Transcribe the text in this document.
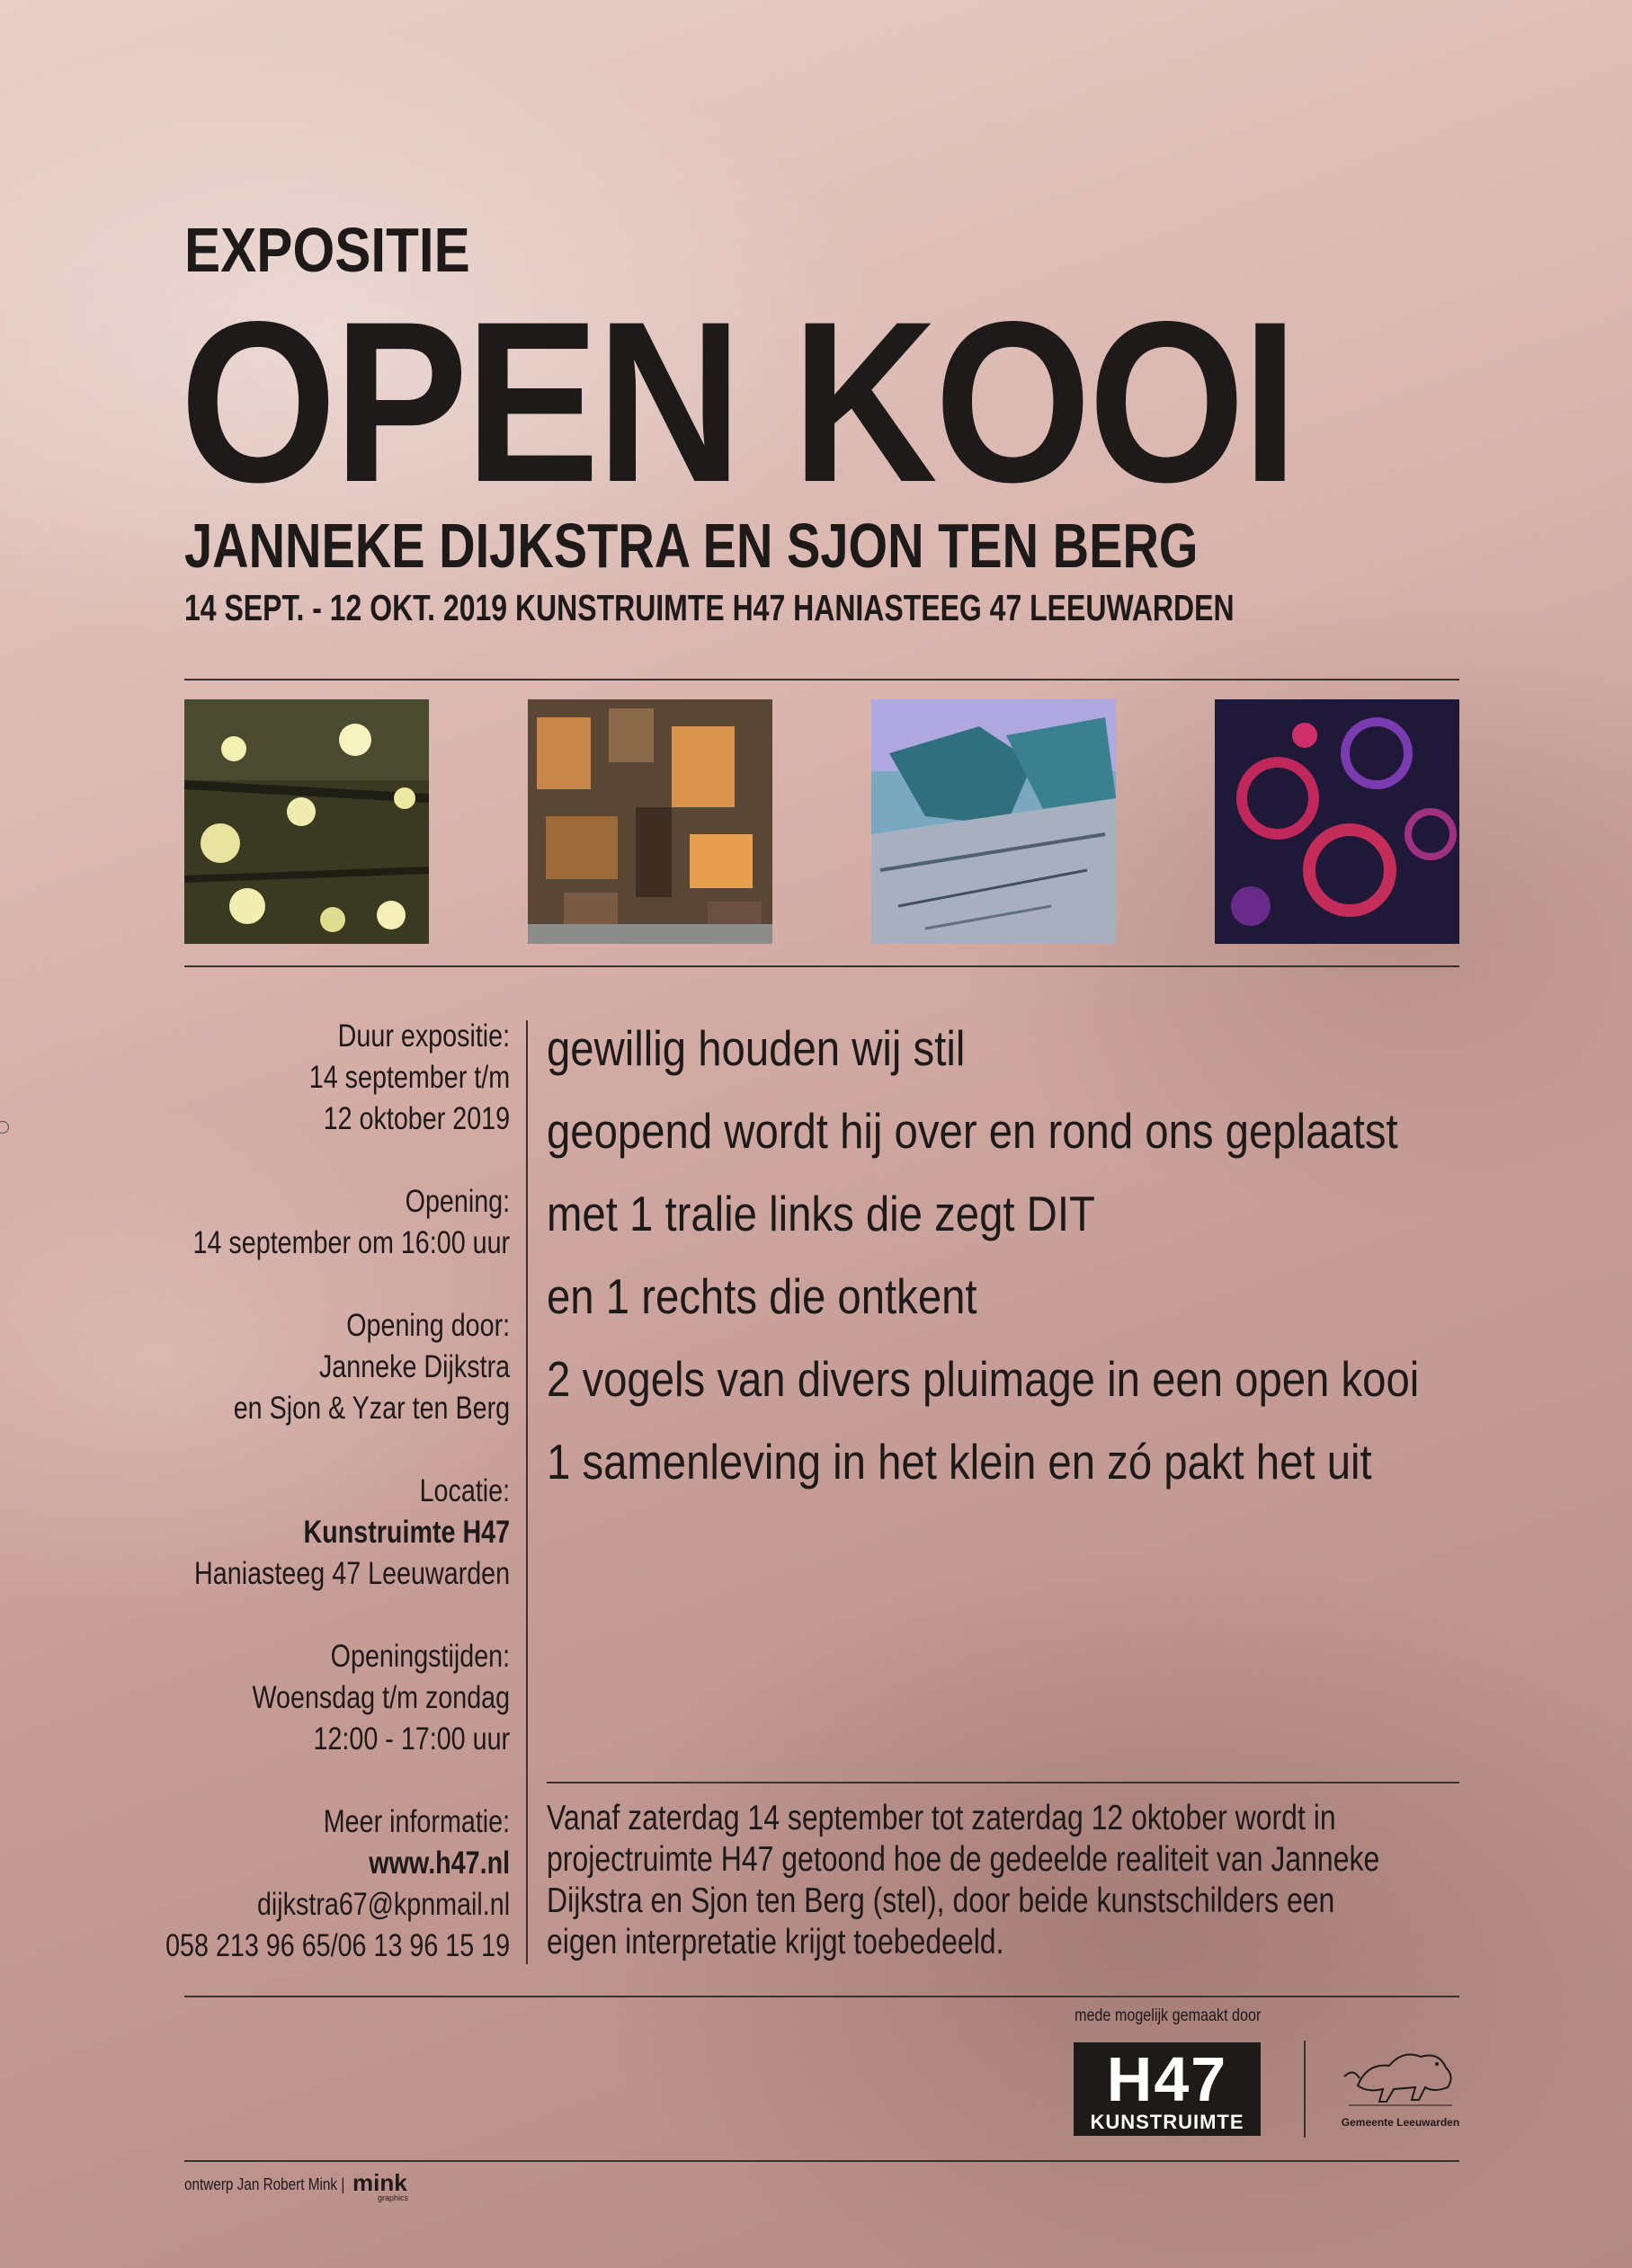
EXPOSITIE
OPEN KOOI
JANNEKE DIJKSTRA EN SJON TEN BERG
14 SEPT. - 12 OKT. 2019 KUNSTRUIMTE H47 HANIASTEEG 47 LEEUWARDEN
Duur expositie:
14 september t/m
12 oktober 2019
Opening:
14 september om 16:00 uur
Opening door:
Janneke Dijkstra
en Sjon & Yzar ten Berg
Locatie:
Kunstruimte H47
Haniasteeg 47 Leeuwarden
Openingstijden:
Woensdag t/m zondag
12:00 - 17:00 uur
Meer informatie:
www.h47.nl
dijkstra67@kpnmail.nl
058 213 96 65/06 13 96 15 19
gewillig houden wij stil
geopend wordt hij over en rond ons geplaatst
met 1 tralie links die zegt DIT
en 1 rechts die ontkent
2 vogels van divers pluimage in een open kooi
1 samenleving in het klein en zó pakt het uit
Vanaf zaterdag 14 september tot zaterdag 12 oktober wordt in
projectruimte H47 getoond hoe de gedeelde realiteit van Janneke
Dijkstra en Sjon ten Berg (stel), door beide kunstschilders een
eigen interpretatie krijgt toebedeeld.
mede mogelijk gemaakt door
H47
KUNSTRUIMTE	Gemeente Leeuwarden
ontwerp Jan Robert Mink | mink
graphics
